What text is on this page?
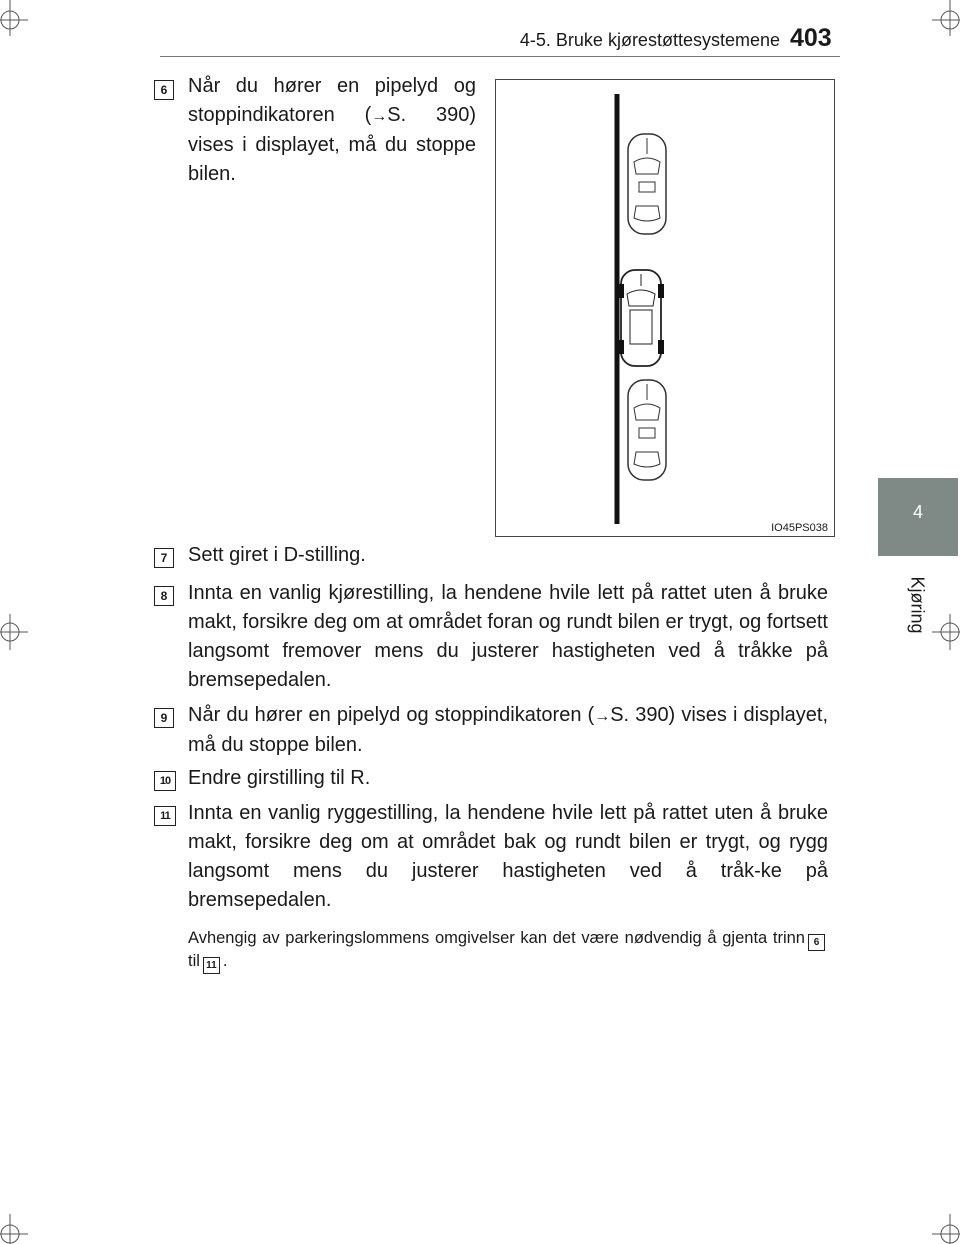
4-5. Bruke kjørestøttesystemene 403
4
Kjøring
6	Når du hører en pipelyd og stoppindikatoren (→S. 390) vises i displayet, må du stoppe bilen.
IO45PS038
7	Sett giret i D-stilling.
8	Innta en vanlig kjørestilling, la hendene hvile lett på rattet uten å bruke makt, forsikre deg om at området foran og rundt bilen er trygt, og fortsett langsomt fremover mens du justerer hastigheten ved å tråkke på bremsepedalen.
9	Når du hører en pipelyd og stoppindikatoren (→S. 390) vises i displayet, må du stoppe bilen.
10 Endre girstilling til R.
11 Innta en vanlig ryggestilling, la hendene hvile lett på rattet uten å bruke makt, forsikre deg om at området bak og rundt bilen er trygt, og rygg langsomt mens du justerer hastigheten ved å tråk-ke på bremsepedalen.
Avhengig av parkeringslommens omgivelser kan det være nødvendig å gjenta trinn 6til 11 .
